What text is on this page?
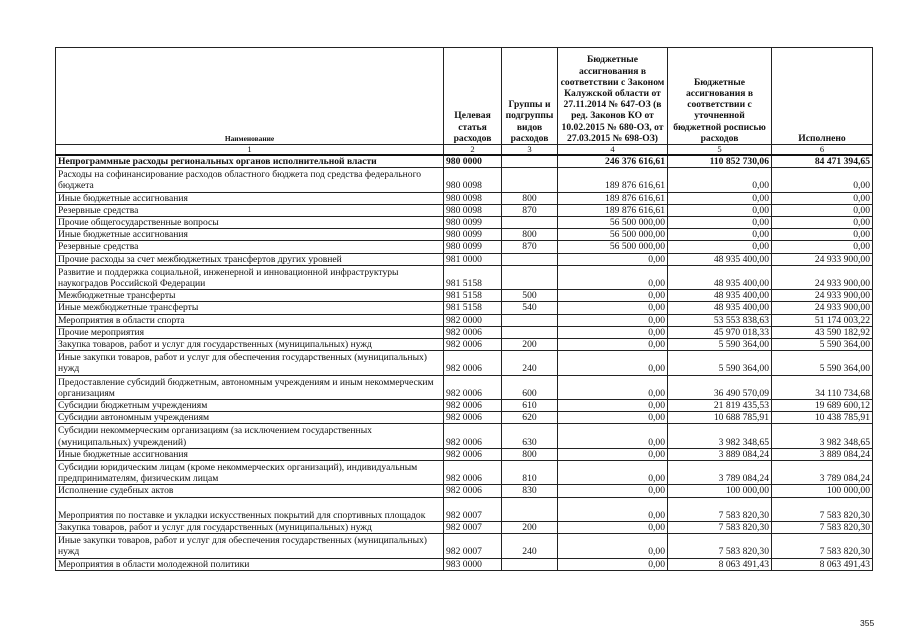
Наименование	Целевая статья расходов	Группы и подгруппы видов расходов	Бюджетные ассигнования в соответствии с Законом Калужской области от 27.11.2014 № 647-ОЗ (в ред. Законов КО от 10.02.2015 № 680-ОЗ, от 27.03.2015 № 698-ОЗ)	Бюджетные ассигнования в соответствии с уточненной бюджетной росписью расходов	Исполнено
1	2	3	4	5	6
Непрограммные расходы региональных органов исполнительной власти	980 0000		246 376 616,61	110 852 730,06	84 471 394,65
Расходы на софинансирование расходов областного бюджета под средства федерального бюджета	980 0098		189 876 616,61	0,00	0,00
Иные бюджетные ассигнования	980 0098	800	189 876 616,61	0,00	0,00
Резервные средства	980 0098	870	189 876 616,61	0,00	0,00
Прочие общегосударственные вопросы	980 0099		56 500 000,00	0,00	0,00
Иные бюджетные ассигнования	980 0099	800	56 500 000,00	0,00	0,00
Резервные средства	980 0099	870	56 500 000,00	0,00	0,00
Прочие расходы за счет межбюджетных трансфертов других уровней	981 0000		0,00	48 935 400,00	24 933 900,00
Развитие и поддержка социальной, инженерной и инновационной инфраструктуры наукоградов Российской Федерации	981 5158		0,00	48 935 400,00	24 933 900,00
Межбюджетные трансферты	981 5158	500	0,00	48 935 400,00	24 933 900,00
Иные межбюджетные трансферты	981 5158	540	0,00	48 935 400,00	24 933 900,00
Мероприятия в области спорта	982 0000		0,00	53 553 838,63	51 174 003,22
Прочие мероприятия	982 0006		0,00	45 970 018,33	43 590 182,92
Закупка товаров, работ и услуг для государственных (муниципальных) нужд	982 0006	200	0,00	5 590 364,00	5 590 364,00
Иные закупки товаров, работ и услуг для обеспечения государственных (муниципальных) нужд	982 0006	240	0,00	5 590 364,00	5 590 364,00
Предоставление субсидий бюджетным, автономным учреждениям и иным некоммерческим организациям	982 0006	600	0,00	36 490 570,09	34 110 734,68
Субсидии бюджетным учреждениям	982 0006	610	0,00	21 819 435,53	19 689 600,12
Субсидии автономным учреждениям	982 0006	620	0,00	10 688 785,91	10 438 785,91
Субсидии некоммерческим организациям (за исключением государственных (муниципальных) учреждений)	982 0006	630	0,00	3 982 348,65	3 982 348,65
Иные бюджетные ассигнования	982 0006	800	0,00	3 889 084,24	3 889 084,24
Субсидии юридическим лицам (кроме некоммерческих организаций), индивидуальным предпринимателям, физическим лицам	982 0006	810	0,00	3 789 084,24	3 789 084,24
Исполнение судебных актов	982 0006	830	0,00	100 000,00	100 000,00
Мероприятия по поставке и укладки искусственных покрытий для спортивных площадок	982 0007		0,00	7 583 820,30	7 583 820,30
Закупка товаров, работ и услуг для государственных (муниципальных) нужд	982 0007	200	0,00	7 583 820,30	7 583 820,30
Иные закупки товаров, работ и услуг для обеспечения государственных (муниципальных) нужд	982 0007	240	0,00	7 583 820,30	7 583 820,30
Мероприятия в области молодежной политики	983 0000		0,00	8 063 491,43	8 063 491,43
355
